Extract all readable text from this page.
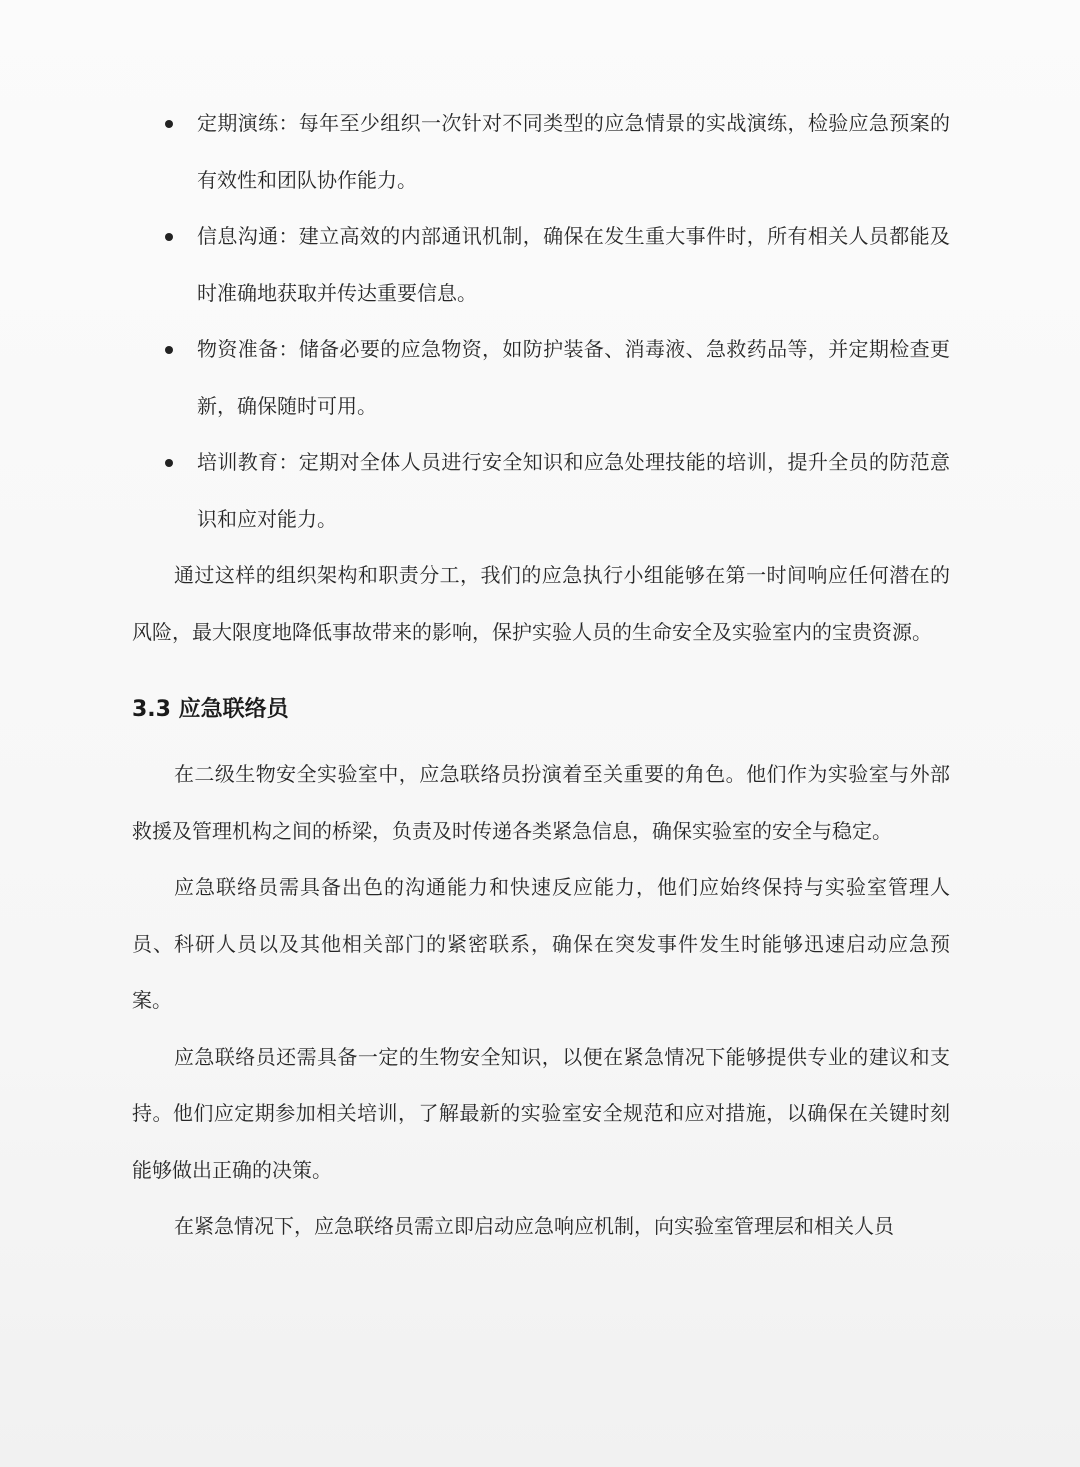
定期演练：每年至少组织一次针对不同类型的应急情景的实战演练，检验应急预案的有效性和团队协作能力。
信息沟通：建立高效的内部通讯机制，确保在发生重大事件时，所有相关人员都能及时准确地获取并传达重要信息。
物资准备：储备必要的应急物资，如防护装备、消毒液、急救药品等，并定期检查更新，确保随时可用。
培训教育：定期对全体人员进行安全知识和应急处理技能的培训，提升全员的防范意识和应对能力。

通过这样的组织架构和职责分工，我们的应急执行小组能够在第一时间响应任何潜在的风险，最大限度地降低事故带来的影响，保护实验人员的生命安全及实验室内的宝贵资源。

3.3 应急联络员

在二级生物安全实验室中，应急联络员扮演着至关重要的角色。他们作为实验室与外部救援及管理机构之间的桥梁，负责及时传递各类紧急信息，确保实验室的安全与稳定。

应急联络员需具备出色的沟通能力和快速反应能力，他们应始终保持与实验室管理人员、科研人员以及其他相关部门的紧密联系，确保在突发事件发生时能够迅速启动应急预案。

应急联络员还需具备一定的生物安全知识，以便在紧急情况下能够提供专业的建议和支持。他们应定期参加相关培训，了解最新的实验室安全规范和应对措施，以确保在关键时刻能够做出正确的决策。

在紧急情况下，应急联络员需立即启动应急响应机制，向实验室管理层和相关人员
